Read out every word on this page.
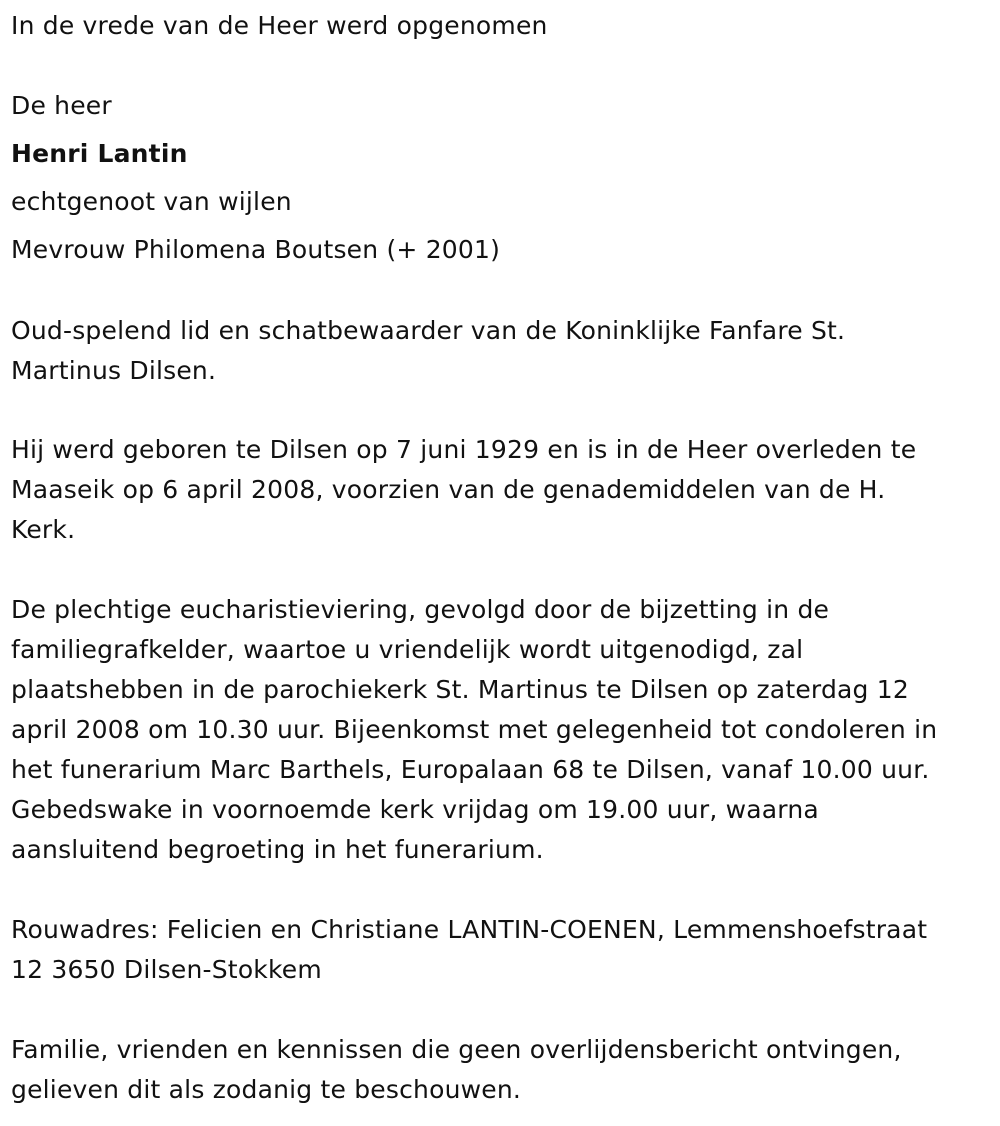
In de vrede van de Heer werd opgenomen
De heer
Henri Lantin
echtgenoot van wijlen
Mevrouw Philomena Boutsen (+ 2001)
Oud-spelend lid en schatbewaarder van de Koninklijke Fanfare St.
Martinus Dilsen.
Hij werd geboren te Dilsen op 7 juni 1929 en is in de Heer overleden te
Maaseik op 6 april 2008, voorzien van de genademiddelen van de H.
Kerk.
De plechtige eucharistieviering, gevolgd door de bijzetting in de
familiegrafkelder, waartoe u vriendelijk wordt uitgenodigd, zal
plaatshebben in de parochiekerk St. Martinus te Dilsen op zaterdag 12
april 2008 om 10.30 uur. Bijeenkomst met gelegenheid tot condoleren in
het funerarium Marc Barthels, Europalaan 68 te Dilsen, vanaf 10.00 uur.
Gebedswake in voornoemde kerk vrijdag om 19.00 uur, waarna
aansluitend begroeting in het funerarium.
Rouwadres: Felicien en Christiane LANTIN-COENEN, Lemmenshoefstraat
12 3650 Dilsen-Stokkem
Familie, vrienden en kennissen die geen overlijdensbericht ontvingen,
gelieven dit als zodanig te beschouwen.
